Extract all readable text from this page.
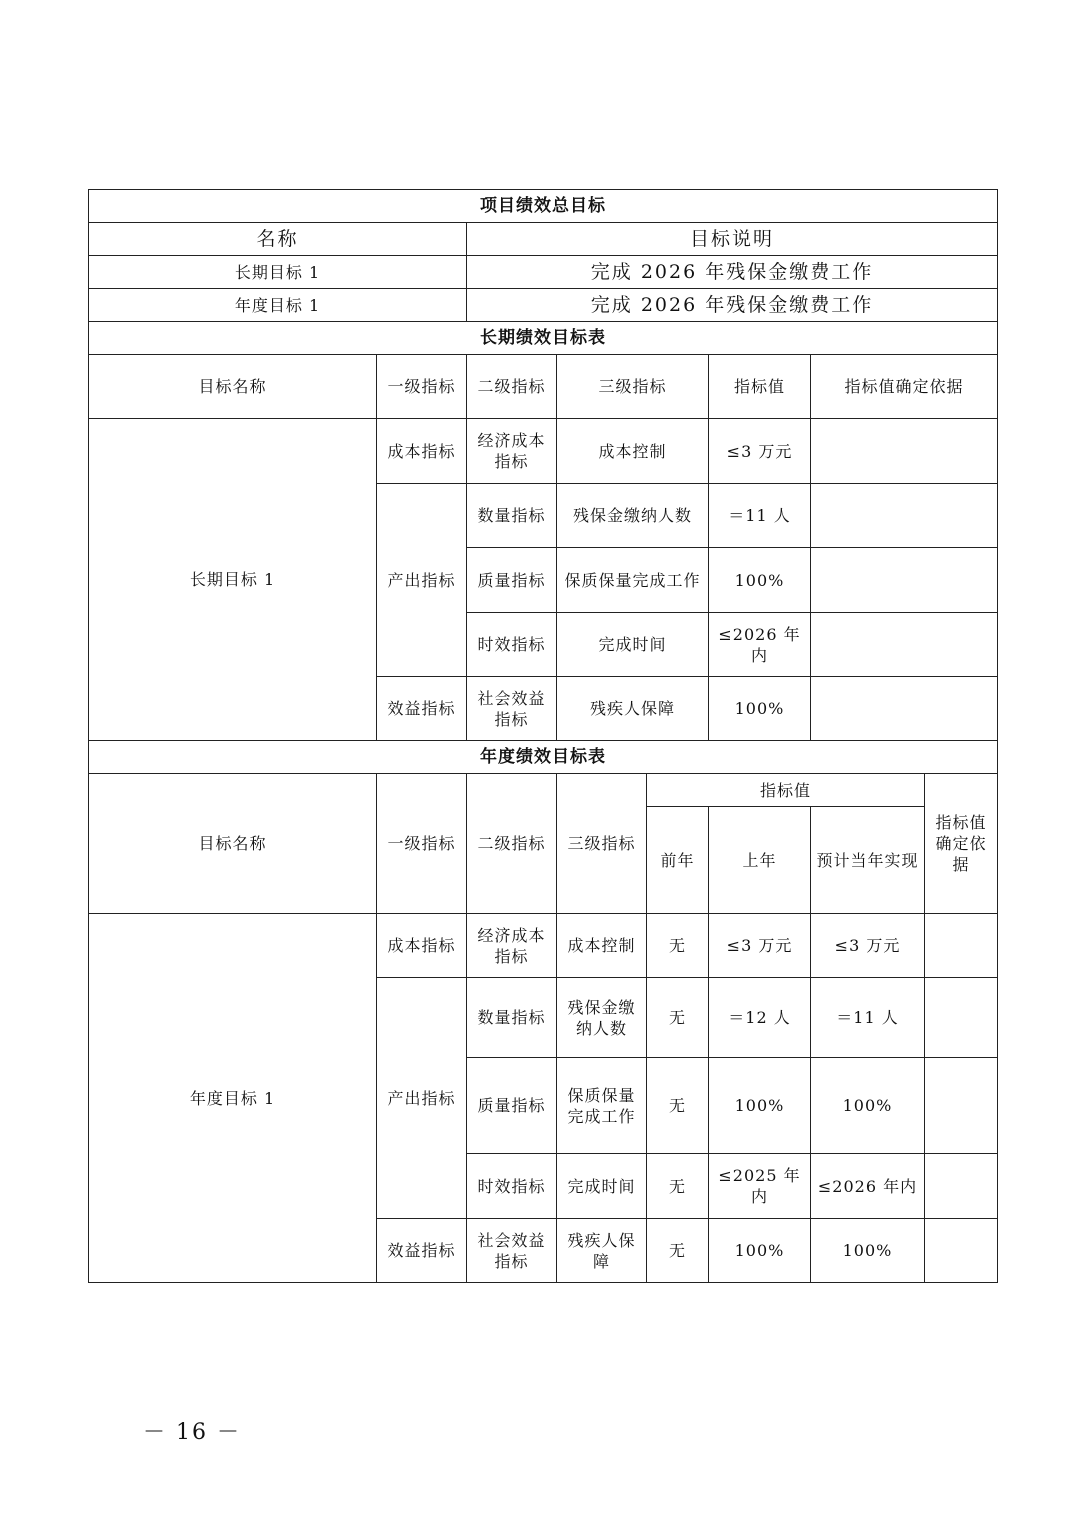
项目绩效总目标							
名称		目标说明					
长期目标 1		完成 2026 年残保金缴费工作					
年度目标 1		完成 2026 年残保金缴费工作					
长期绩效目标表							
目标名称	一级指标	二级指标	三级指标		指标值	指标值确定依据	
长期目标 1	成本指标	经济成本指标	成本控制		≤3 万元		
	产出指标	数量指标	残保金缴纳人数		＝11 人		
		质量指标	保质保量完成工作		100%		
		时效指标	完成时间		≤2026 年内		
	效益指标	社会效益指标	残疾人保障		100%		
年度绩效目标表							
目标名称	一级指标	二级指标	三级指标	指标值			指标值确定依据
				前年	上年	预计当年实现	
年度目标 1	成本指标	经济成本指标	成本控制	无	≤3 万元	≤3 万元	
	产出指标	数量指标	残保金缴纳人数	无	＝12 人	＝11 人	
		质量指标	保质保量完成工作	无	100%	100%	
		时效指标	完成时间	无	≤2025 年内	≤2026 年内	
	效益指标	社会效益指标	残疾人保障	无	100%	100%	
－ 16 －
